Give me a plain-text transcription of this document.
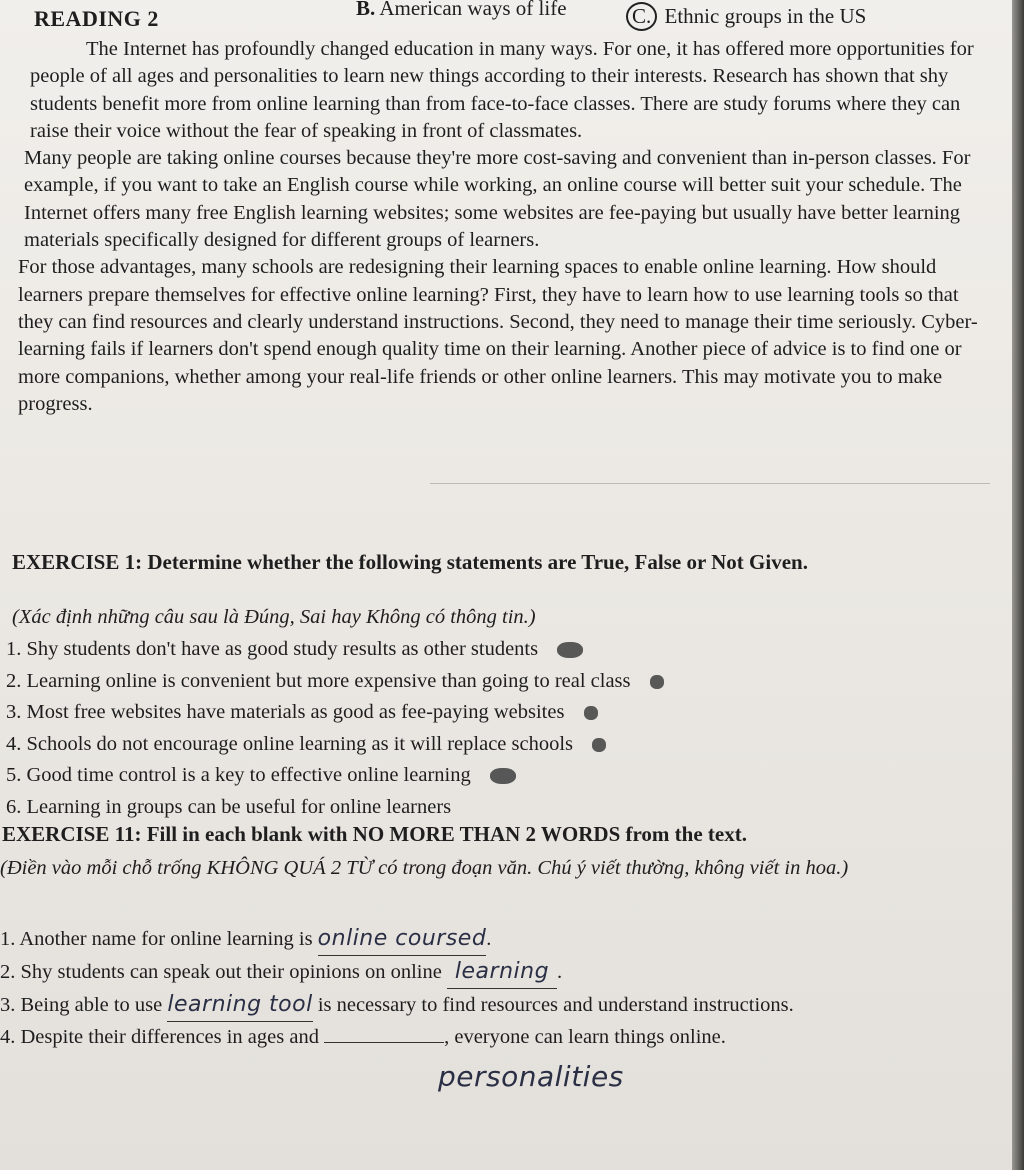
READING 2	B. American ways of life	C. Ethnic groups in the US

The Internet has profoundly changed education in many ways. For one, it has offered more opportunities for people of all ages and personalities to learn new things according to their interests. Research has shown that shy students benefit more from online learning than from face-to-face classes. There are study forums where they can raise their voice without the fear of speaking in front of classmates.

Many people are taking online courses because they're more cost-saving and convenient than in-person classes. For example, if you want to take an English course while working, an online course will better suit your schedule. The Internet offers many free English learning websites; some websites are fee-paying but usually have better learning materials specifically designed for different groups of learners.

For those advantages, many schools are redesigning their learning spaces to enable online learning. How should learners prepare themselves for effective online learning? First, they have to learn how to use learning tools so that they can find resources and clearly understand instructions. Second, they need to manage their time seriously. Cyber-learning fails if learners don't spend enough quality time on their learning. Another piece of advice is to find one or more companions, whether among your real-life friends or other online learners. This may motivate you to make progress.

EXERCISE 1: Determine whether the following statements are True, False or Not Given.
(Xác định những câu sau là Đúng, Sai hay Không có thông tin.)
1. Shy students don't have as good study results as other students
2. Learning online is convenient but more expensive than going to real class
3. Most free websites have materials as good as fee-paying websites
4. Schools do not encourage online learning as it will replace schools
5. Good time control is a key to effective online learning
6. Learning in groups can be useful for online learners
EXERCISE 11: Fill in each blank with NO MORE THAN 2 WORDS from the text.
(Điền vào mỗi chỗ trống KHÔNG QUÁ 2 TỪ có trong đoạn văn. Chú ý viết thường, không viết in hoa.)
1. Another name for online learning is online coursed.
2. Shy students can speak out their opinions on online learning .
3. Being able to use learning tool is necessary to find resources and understand instructions.
4. Despite their differences in ages and	, everyone can learn things online.
personalities
